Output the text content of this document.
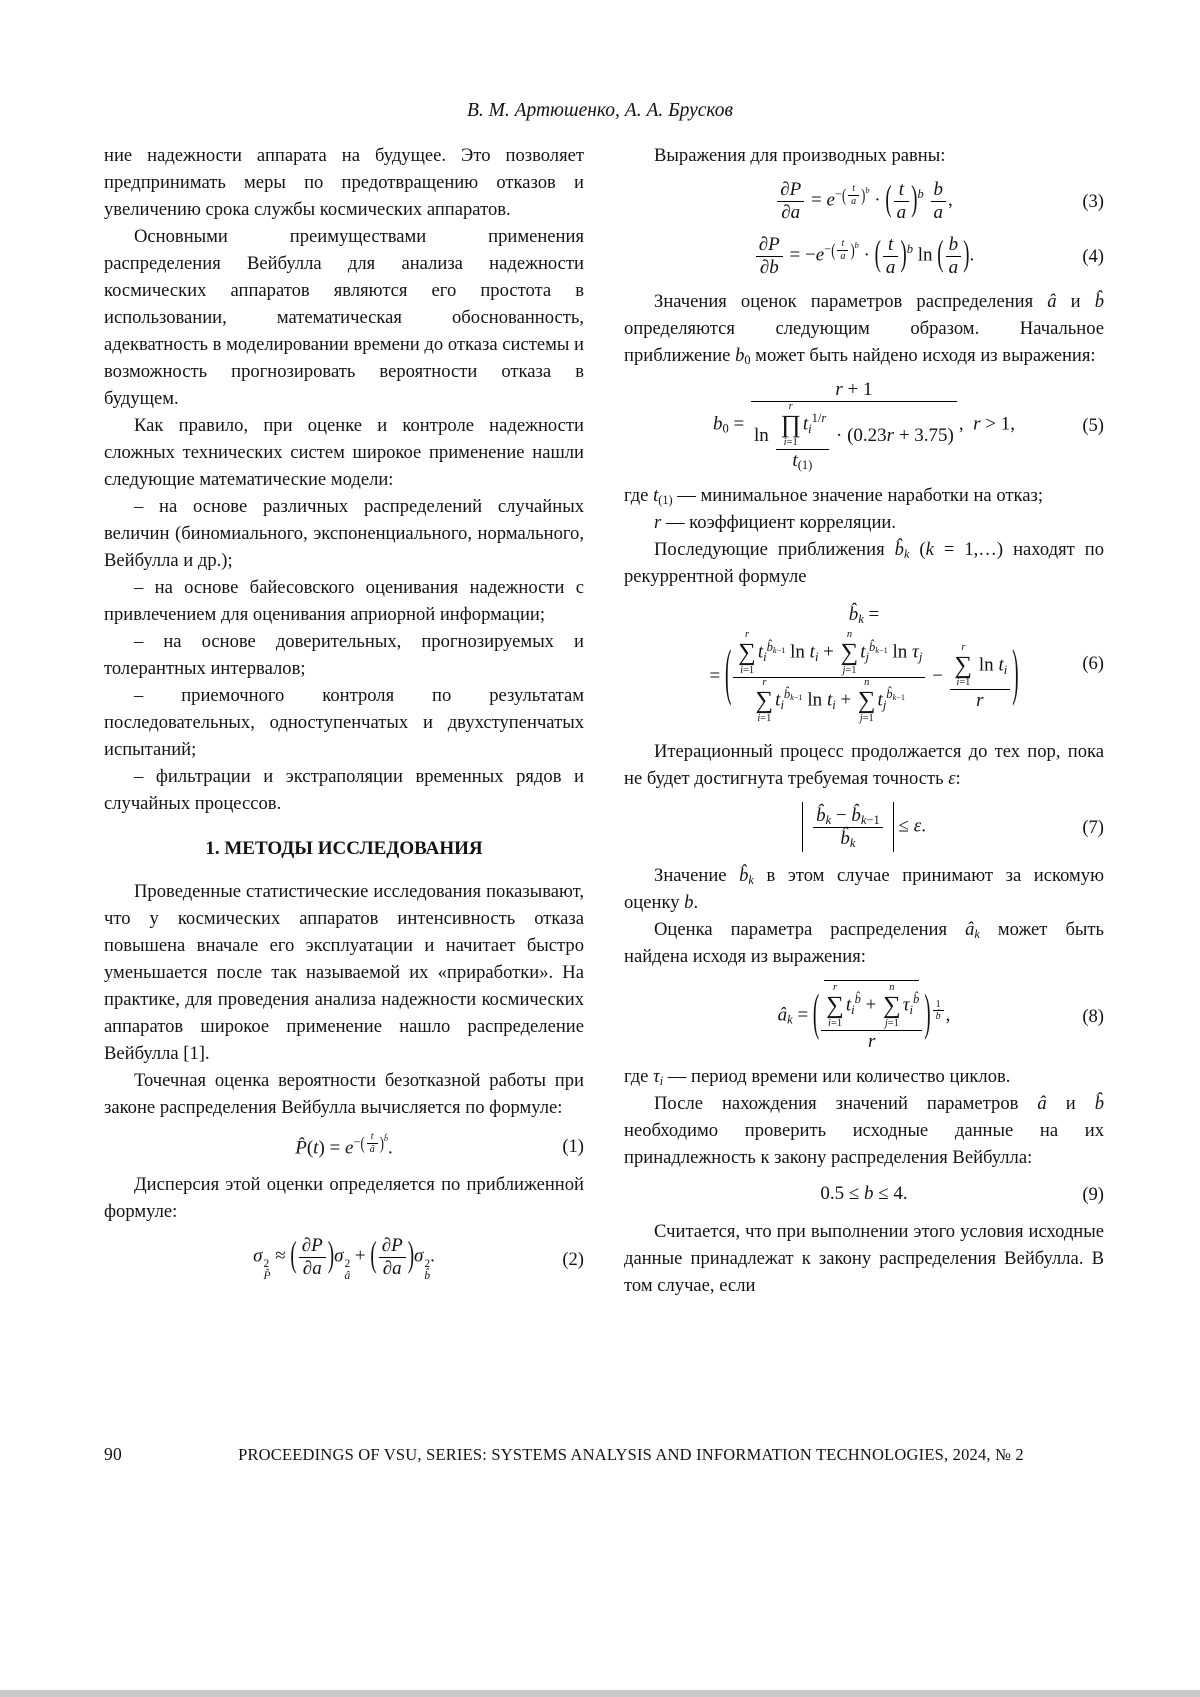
В. М. Артюшенко, А. А. Брусков

ние надежности аппарата на будущее. Это позволяет предпринимать меры по предотвращению отказов и увеличению срока службы космических аппаратов.

Основными преимуществами применения распределения Вейбулла для анализа надежности космических аппаратов являются его простота в использовании, математическая обоснованность, адекватность в моделировании времени до отказа системы и возможность прогнозировать вероятности отказа в будущем.

Как правило, при оценке и контроле надежности сложных технических систем широкое применение нашли следующие математические модели:

– на основе различных распределений случайных величин (биномиального, экспоненциального, нормального, Вейбулла и др.);

– на основе байесовского оценивания надежности с привлечением для оценивания априорной информации;

– на основе доверительных, прогнозируемых и толерантных интервалов;

– приемочного контроля по результатам последовательных, одноступенчатых и двухступенчатых испытаний;

– фильтрации и экстраполяции временных рядов и случайных процессов.

1. МЕТОДЫ ИССЛЕДОВАНИЯ

Проведенные статистические исследования показывают, что у космических аппаратов интенсивность отказа повышена вначале его эксплуатации и начитает быстро уменьшается после так называемой их «приработки». На практике, для проведения анализа надежности космических аппаратов широкое применение нашло распределение Вейбулла [1].

Точечная оценка вероятности безотказной работы при законе распределения Вейбулла вычисляется по формуле:

P̂(t) = $e^{-( \frac{t}{â} )^{b̂}}$.	(1)

Дисперсия этой оценки определяется по приближенной формуле:

σ 2
P̂
≈ ( $\frac{\partial P}{\partial a} )\sigma$ 2
â
+ ( $\frac{\partial P}{\partial a} )\sigma$ 2
b̂
.	(2)

Выражения для производных равны:

$\frac{\partial P}{\partial a} = e^{-( \frac{t}{a} )^b}$ · ( $\frac{t}{a} )^b \frac{b}{a}$ ,	(3)
$\frac{\partial P}{\partial b} = -e^{-( \frac{t}{a} )^b}$ · ( $\frac{t}{a} )^b$ ln ( $\frac{b}{a}$ ).	(4)

Значения оценок параметров распределения â и b̂ определяются следующим образом. Начальное приближение $b_0$ может быть найдено исходя из выражения:

$b_0 = r + 1$
ln r
∏
i=1
$t_i^{1/r}$
$t_{(1)} \cdot (0.23r + 3.75)$ , r > 1,	(5)

где $t_{(1)}$ — минимальное значение наработки на отказ;

r — коэффициент корреляции.

Последующие приближения $b̂_k$ (k = 1,…) находят по рекуррентной формуле

$b̂_k$ =
= (
r
∑
i=1
$t_i^{b̂_{k-1}}$ $\ln t_i$ +
n
∑
j=1
$t_j^{b̂_{k-1}}$ $\ln \tau_j$
r
∑
i=1
$t_i^{b̂_{k-1}}$ $\ln t_i$ +
n
∑
j=1
$t_j^{b̂_{k-1}}$
− r
∑
i=1
$\ln t_i$
r )	(6)

Итерационный процесс продолжается до тех пор, пока не будет достигнута требуемая точность ε:

$\frac{b̂_k - b̂_{k-1}}{b̂_k} \le \varepsilon$.	(7)

Значение $b̂_k$ в этом случае принимают за искомую оценку b.

Оценка параметра распределения $â_k$ может быть найдена исходя из выражения:

$â_k$ = ( r
∑
i=1
$t_i^{b̂}$ +
n
∑
j=1
$\tau_i^{b̂}$
r	) $^{\frac{1}{b̂}}$ ,	(8)

где $\tau_i$ — период времени или количество циклов.

После нахождения значений параметров â и b̂ необходимо проверить исходные данные на их принадлежность к закону распределения Вейбулла:

0.5 ≤ b ≤ 4.	(9)

Считается, что при выполнении этого условия исходные данные принадлежат к закону распределения Вейбулла. В том случае, если

90	PROCEEDINGS OF VSU, SERIES: SYSTEMS ANALYSIS AND INFORMATION TECHNOLOGIES, 2024, № 2
